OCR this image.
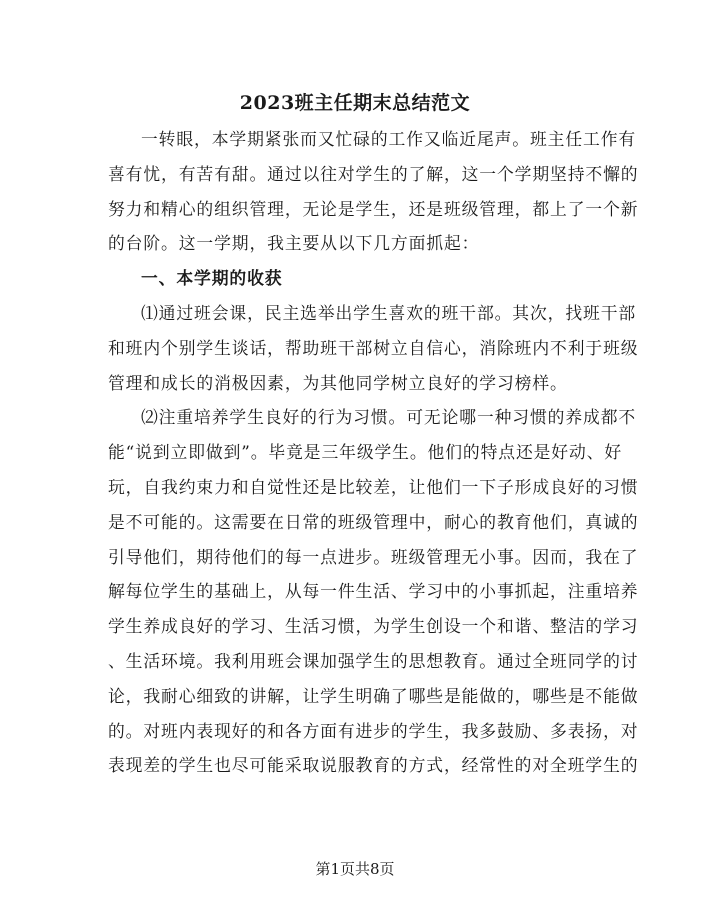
2023班主任期末总结范文
一转眼，本学期紧张而又忙碌的工作又临近尾声。班主任工作有
喜有忧，有苦有甜。通过以往对学生的了解，这一个学期坚持不懈的
努力和精心的组织管理，无论是学生，还是班级管理，都上了一个新
的台阶。这一学期，我主要从以下几方面抓起：
一、本学期的收获
⑴通过班会课，民主选举出学生喜欢的班干部。其次，找班干部
和班内个别学生谈话，帮助班干部树立自信心，消除班内不利于班级
管理和成长的消极因素，为其他同学树立良好的学习榜样。
⑵注重培养学生良好的行为习惯。可无论哪一种习惯的养成都不
能“说到立即做到”。毕竟是三年级学生。他们的特点还是好动、好
玩，自我约束力和自觉性还是比较差，让他们一下子形成良好的习惯
是不可能的。这需要在日常的班级管理中，耐心的教育他们，真诚的
引导他们，期待他们的每一点进步。班级管理无小事。因而，我在了
解每位学生的基础上，从每一件生活、学习中的小事抓起，注重培养
学生养成良好的学习、生活习惯，为学生创设一个和谐、整洁的学习
、生活环境。我利用班会课加强学生的思想教育。通过全班同学的讨
论，我耐心细致的讲解，让学生明确了哪些是能做的，哪些是不能做
的。对班内表现好的和各方面有进步的学生，我多鼓励、多表扬，对
表现差的学生也尽可能采取说服教育的方式，经常性的对全班学生的
第1页共8页
